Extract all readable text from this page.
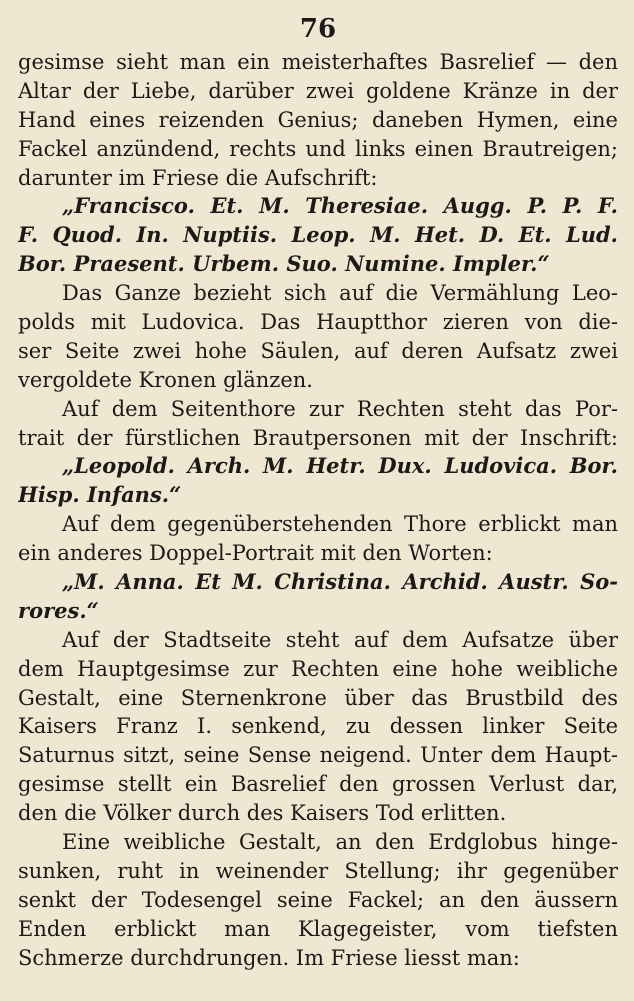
76
gesimse sieht man ein meisterhaftes Basrelief — den
Altar der Liebe, darüber zwei goldene Kränze in der
Hand eines reizenden Genius; daneben Hymen, eine
Fackel anzündend, rechts und links einen Brautreigen;
darunter im Friese die Aufschrift:
„Francisco. Et. M. Theresiae. Augg. P. P. F.
F. Quod. In. Nuptiis. Leop. M. Het. D. Et. Lud.
Bor. Praesent. Urbem. Suo. Numine. Impler.“
Das Ganze bezieht sich auf die Vermählung Leo-
polds mit Ludovica. Das Hauptthor zieren von die-
ser Seite zwei hohe Säulen, auf deren Aufsatz zwei
vergoldete Kronen glänzen.
Auf dem Seitenthore zur Rechten steht das Por-
trait der fürstlichen Brautpersonen mit der Inschrift:
„Leopold. Arch. M. Hetr. Dux. Ludovica. Bor.
Hisp. Infans.“
Auf dem gegenüberstehenden Thore erblickt man
ein anderes Doppel-Portrait mit den Worten:
„M. Anna. Et M. Christina. Archid. Austr. So-
rores.“
Auf der Stadtseite steht auf dem Aufsatze über
dem Hauptgesimse zur Rechten eine hohe weibliche
Gestalt, eine Sternenkrone über das Brustbild des
Kaisers Franz I. senkend, zu dessen linker Seite
Saturnus sitzt, seine Sense neigend. Unter dem Haupt-
gesimse stellt ein Basrelief den grossen Verlust dar,
den die Völker durch des Kaisers Tod erlitten.
Eine weibliche Gestalt, an den Erdglobus hinge-
sunken, ruht in weinender Stellung; ihr gegenüber
senkt der Todesengel seine Fackel; an den äussern
Enden erblickt man Klagegeister, vom tiefsten
Schmerze durchdrungen. Im Friese liesst man:
